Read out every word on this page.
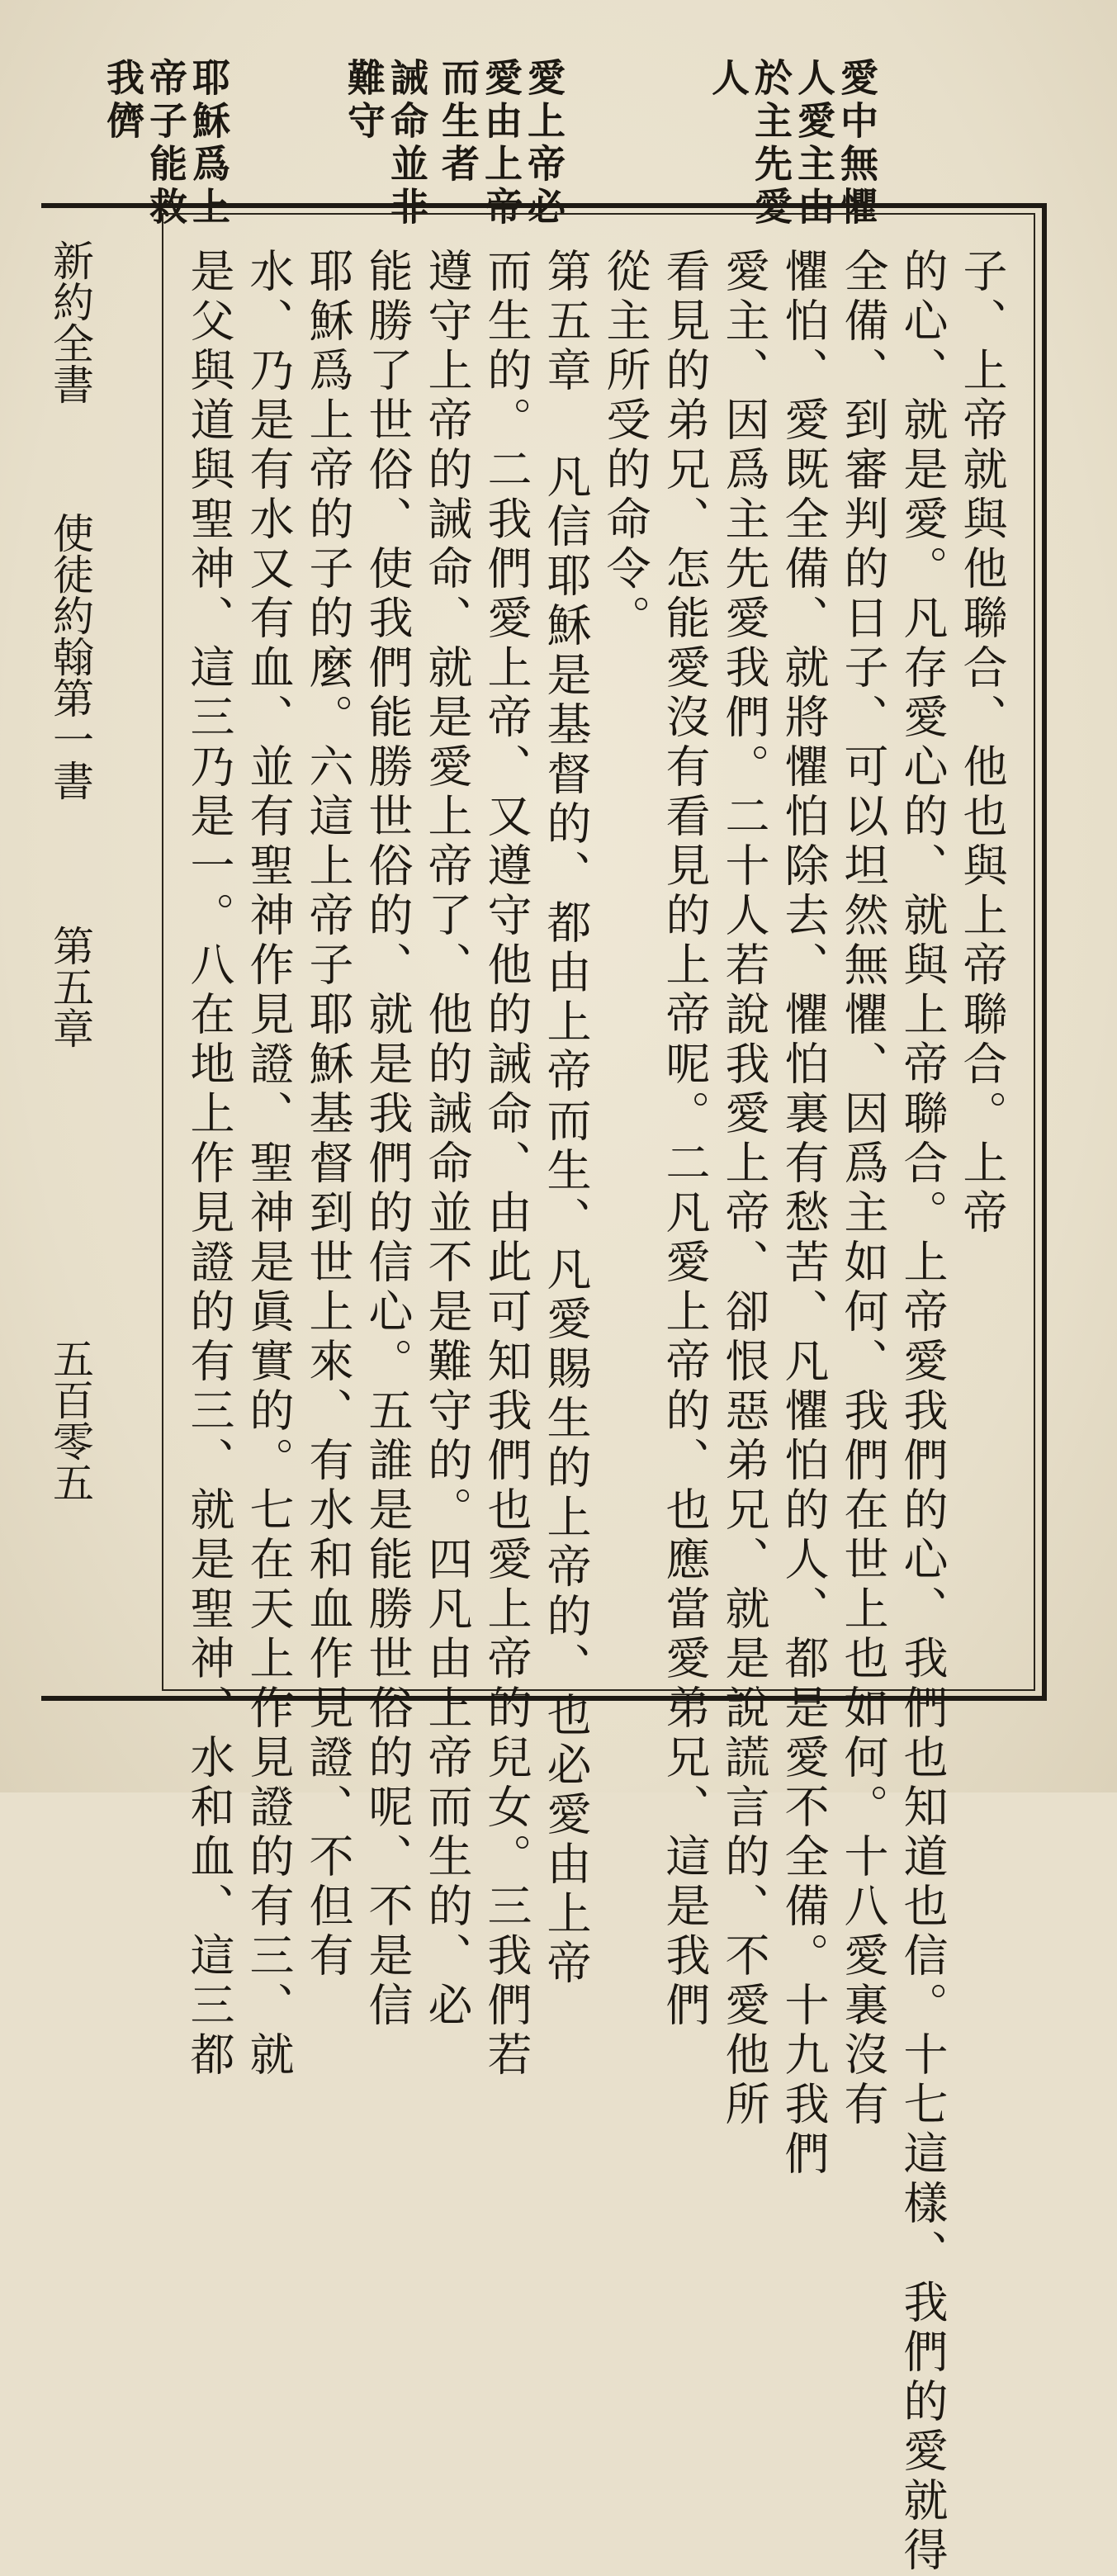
愛中無懼
人愛主由
於主先愛
人
愛上帝必
愛由上帝
而生者
誡命並非
難守
耶穌爲上
帝子能救
我儕
子、上帝就與他聯合、他也與上帝聯合。上帝
的心、就是愛。凡存愛心的、就與上帝聯合。上帝愛我們的心、我們也知道也信。十七這樣、我們的愛就得
全備、到審判的日子、可以坦然無懼、因爲主如何、我們在世上也如何。十八愛裏沒有
懼怕、愛既全備、就將懼怕除去、懼怕裏有愁苦、凡懼怕的人、都是愛不全備。十九我們
愛主、因爲主先愛我們。二十人若說我愛上帝、卻恨惡弟兄、就是說謊言的、不愛他所
看見的弟兄、怎能愛沒有看見的上帝呢。二凡愛上帝的、也應當愛弟兄、這是我們
從主所受的命令。
第五章 凡信耶穌是基督的、都由上帝而生、凡愛賜生的上帝的、也必愛由上帝
而生的。二我們愛上帝、又遵守他的誡命、由此可知我們也愛上帝的兒女。三我們若
遵守上帝的誡命、就是愛上帝了、他的誡命並不是難守的。四凡由上帝而生的、必
能勝了世俗、使我們能勝世俗的、就是我們的信心。五誰是能勝世俗的呢、不是信
耶穌爲上帝的子的麼。六這上帝子耶穌基督到世上來、有水和血作見證、不但有
水、乃是有水又有血、並有聖神作見證、聖神是眞實的。七在天上作見證的有三、就
是父與道與聖神、這三乃是一。八在地上作見證的有三、就是聖神、水和血、這三都
新約全書
使徒約翰第一書
第五章
五百零五
